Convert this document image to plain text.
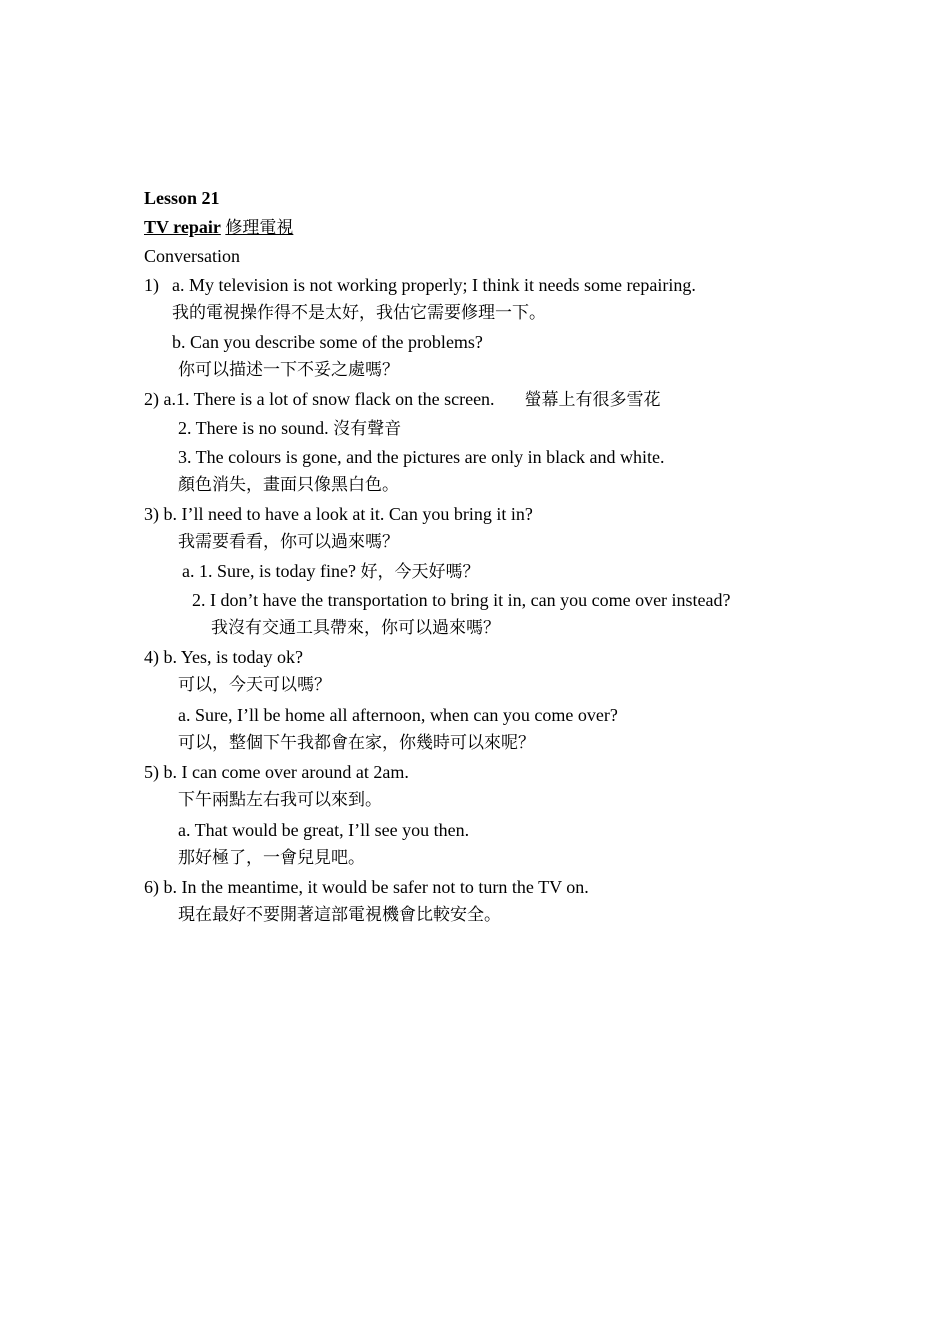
Lesson 21
TV repair 修理電視
Conversation
1) a. My television is not working properly; I think it needs some repairing.
我的電視操作得不是太好，我估它需要修理一下。
b. Can you describe some of the problems?
你可以描述一下不妥之處嗎？
2) a.1. There is a lot of snow flack on the screen. 螢幕上有很多雪花
2. There is no sound. 沒有聲音
3. The colours is gone, and the pictures are only in black and white.
顏色消失，畫面只像黑白色。
3) b. I’ll need to have a look at it. Can you bring it in?
我需要看看，你可以過來嗎？
a. 1. Sure, is today fine? 好，今天好嗎？
2. I don’t have the transportation to bring it in, can you come over instead?
我沒有交通工具帶來，你可以過來嗎？
4) b. Yes, is today ok?
可以，今天可以嗎？
a. Sure, I’ll be home all afternoon, when can you come over?
可以，整個下午我都會在家，你幾時可以來呢？
5) b. I can come over around at 2am.
下午兩點左右我可以來到。
a. That would be great, I’ll see you then.
那好極了，一會兒見吧。
6) b. In the meantime, it would be safer not to turn the TV on.
現在最好不要開著這部電視機會比較安全。
